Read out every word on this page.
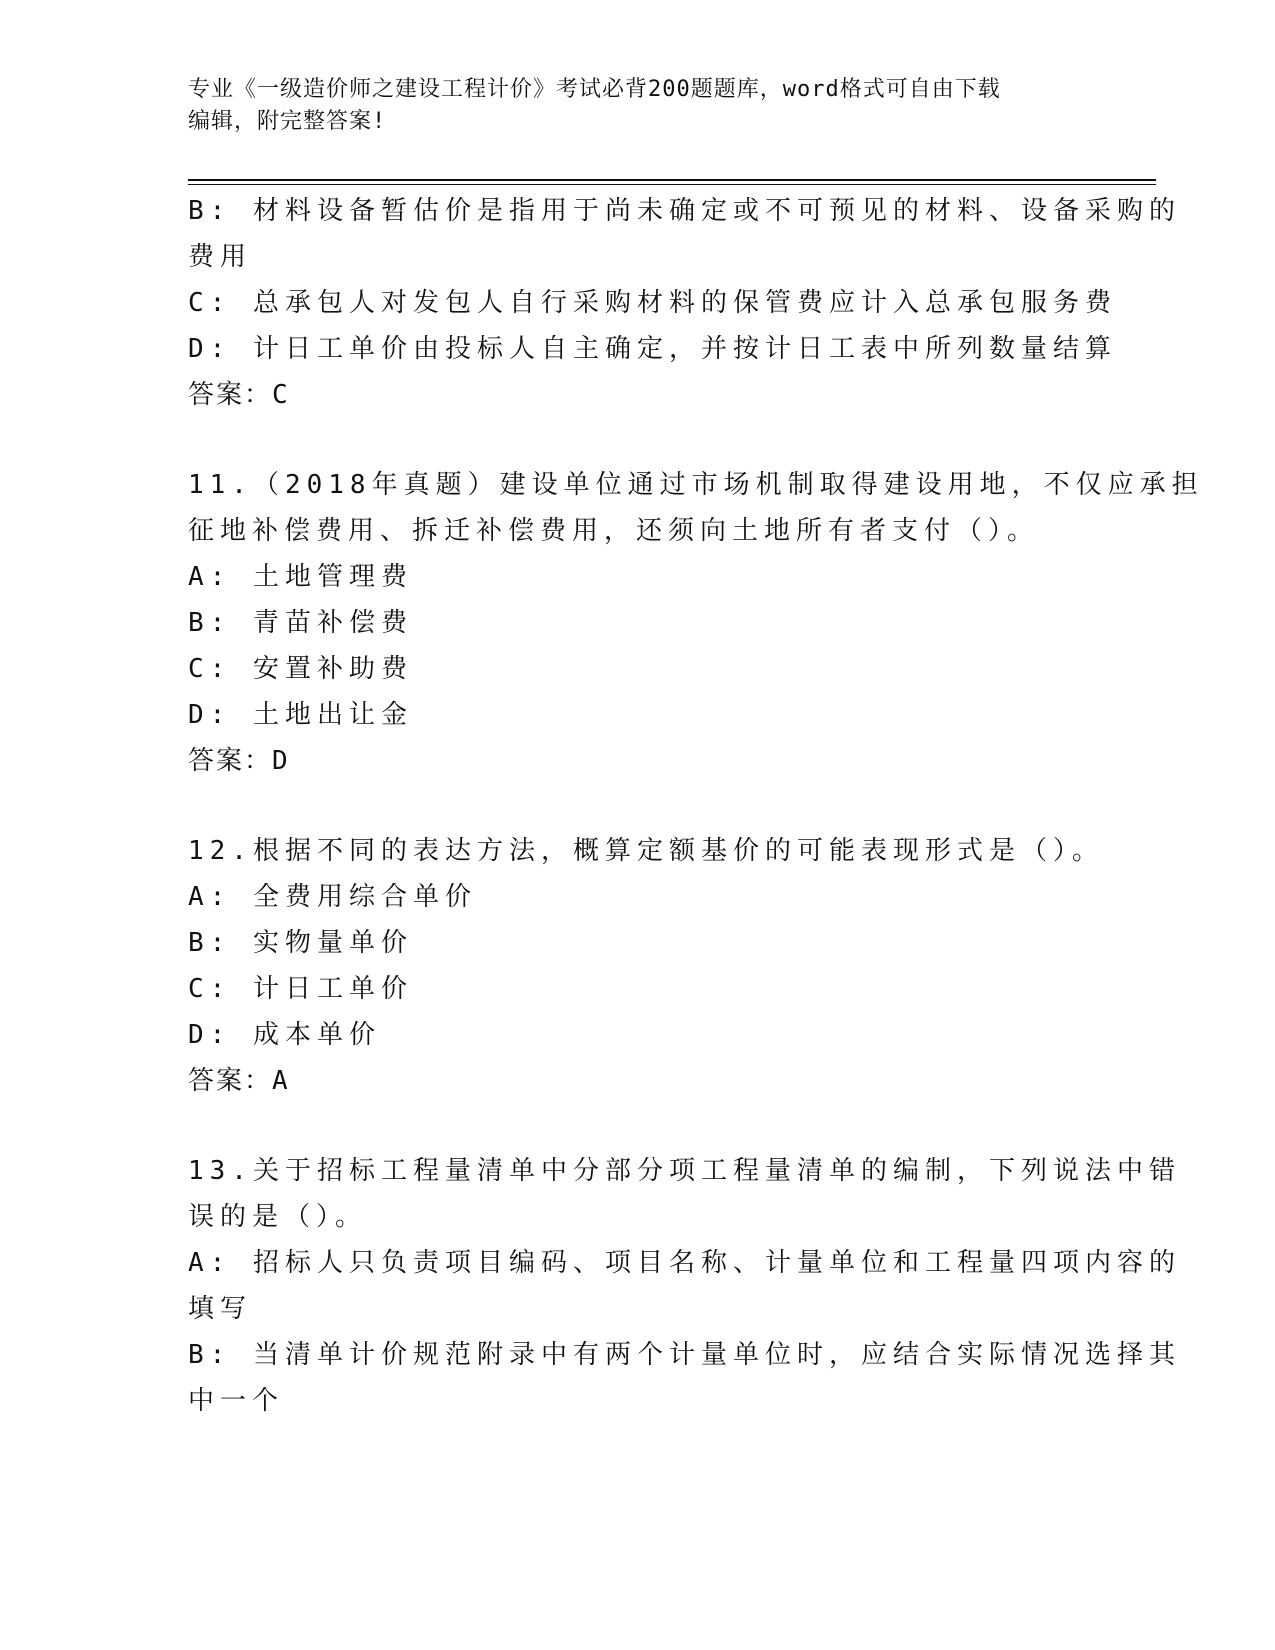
专业《一级造价师之建设工程计价》考试必背200题题库，word格式可自由下载
编辑，附完整答案!
B: 材料设备暂估价是指用于尚未确定或不可预见的材料、设备采购的
费用
C: 总承包人对发包人自行采购材料的保管费应计入总承包服务费
D: 计日工单价由投标人自主确定，并按计日工表中所列数量结算
答案：C
11.（2018年真题）建设单位通过市场机制取得建设用地，不仅应承担
征地补偿费用、拆迁补偿费用，还须向土地所有者支付（）。
A: 土地管理费
B: 青苗补偿费
C: 安置补助费
D: 土地出让金
答案：D
12.根据不同的表达方法，概算定额基价的可能表现形式是（）。
A: 全费用综合单价
B: 实物量单价
C: 计日工单价
D: 成本单价
答案：A
13.关于招标工程量清单中分部分项工程量清单的编制，下列说法中错
误的是（）。
A: 招标人只负责项目编码、项目名称、计量单位和工程量四项内容的
填写
B: 当清单计价规范附录中有两个计量单位时，应结合实际情况选择其
中一个
